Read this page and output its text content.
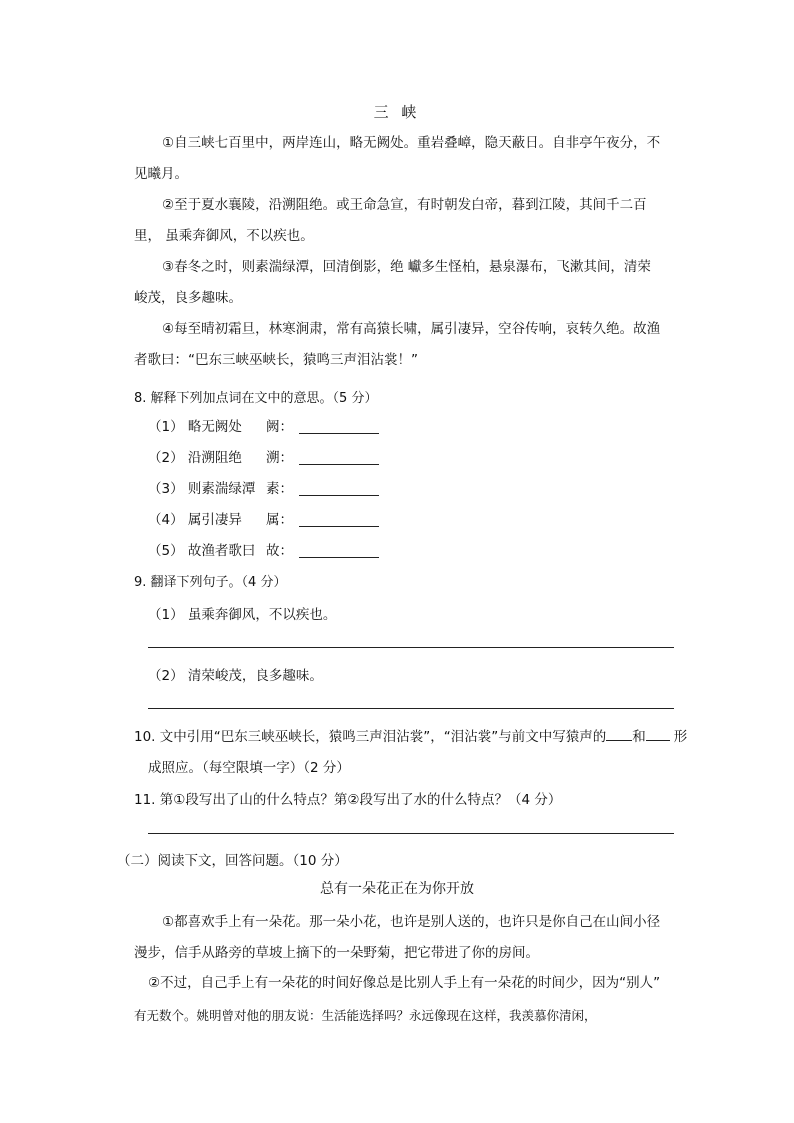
三 峡
①自三峡七百里中，两岸连山，略无阙处。重岩叠嶂，隐天蔽日。自非亭午夜分，不 见曦月。
②至于夏水襄陵，沿溯阻绝。或王命急宣，有时朝发白帝，暮到江陵，其间千二百里， 虽乘奔御风，不以疾也。
③春冬之时，则素湍绿潭，回清倒影，绝 巘多生怪柏，悬泉瀑布，飞漱其间，清荣峻茂，良多趣味。
④每至晴初霜旦，林寒涧肃，常有高猿长啸，属引凄异，空谷传响，哀转久绝。故渔者歌曰：“巴东三峡巫峡长，猿鸣三声泪沾裳！”
8. 解释下列加点词在文中的意思。（5 分）
（1） 略无阙处 阙：
（2） 沿溯阻绝 溯：
（3） 则素湍绿潭 素：
（4） 属引凄异 属：
（5） 故渔者歌曰 故：
9. 翻译下列句子。（4 分）
（1） 虽乘奔御风，不以疾也。
（2） 清荣峻茂，良多趣味。
10. 文中引用“巴东三峡巫峡长，猿鸣三声泪沾裳”，“泪沾裳”与前文中写猿声的 和 形
成照应。（每空限填一字）（2 分）
11. 第①段写出了山的什么特点？第②段写出了水的什么特点？（4 分）
（二）阅读下文，回答问题。（10 分）
总有一朵花正在为你开放
①都喜欢手上有一朵花。那一朵小花，也许是别人送的，也许只是你自己在山间小径 漫步，信手从路旁的草坡上摘下的一朵野菊，把它带进了你的房间。
②不过，自己手上有一朵花的时间好像总是比别人手上有一朵花的时间少，因为“别人”
有无数个。姚明曾对他的朋友说：生活能选择吗？永远像现在这样，我羡慕你清闲，
